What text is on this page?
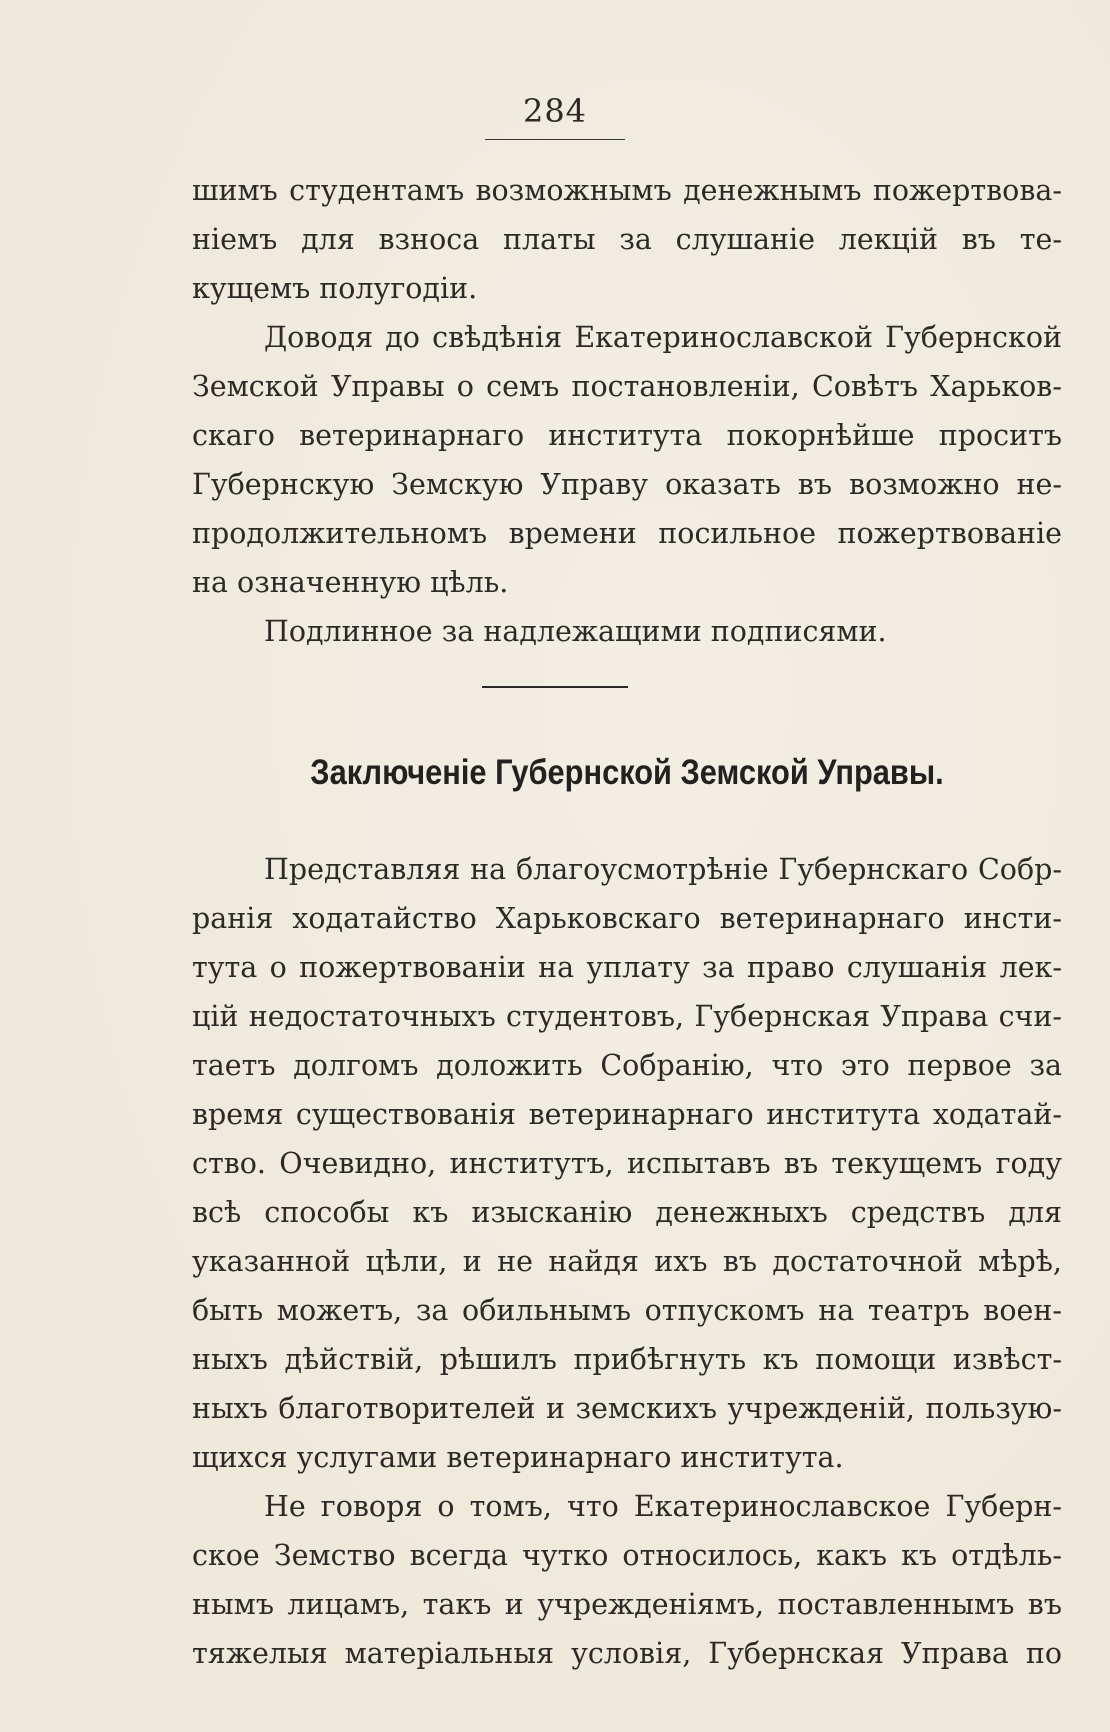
284
шимъ студентамъ возможнымъ денежнымъ пожертвова-
ніемъ для взноса платы за слушаніе лекцій въ те-
кущемъ полугодіи.
Доводя до свѣдѣнія Екатеринославской Губернской
Земской Управы о семъ постановленіи, Совѣтъ Харьков-
скаго ветеринарнаго института покорнѣйше проситъ
Губернскую Земскую Управу оказать въ возможно не-
продолжительномъ времени посильное пожертвованіе
на означенную цѣль.
Подлинное за надлежащими подписями.
Заключеніе Губернской Земской Управы.
Представляя на благоусмотрѣніе Губернскаго Собр-
ранія ходатайство Харьковскаго ветеринарнаго инсти-
тута о пожертвованіи на уплату за право слушанія лек-
цій недостаточныхъ студентовъ, Губернская Управа счи-
таетъ долгомъ доложить Собранію, что это первое за
время существованія ветеринарнаго института ходатай-
ство. Очевидно, институтъ, испытавъ въ текущемъ году
всѣ способы къ изысканію денежныхъ средствъ для
указанной цѣли, и не найдя ихъ въ достаточной мѣрѣ,
быть можетъ, за обильнымъ отпускомъ на театръ воен-
ныхъ дѣйствій, рѣшилъ прибѣгнуть къ помощи извѣст-
ныхъ благотворителей и земскихъ учрежденій, пользую-
щихся услугами ветеринарнаго института.
Не говоря о томъ, что Екатеринославское Губерн-
ское Земство всегда чутко относилось, какъ къ отдѣль-
нымъ лицамъ, такъ и учрежденіямъ, поставленнымъ въ
тяжелыя матеріальныя условія, Губернская Управа по
